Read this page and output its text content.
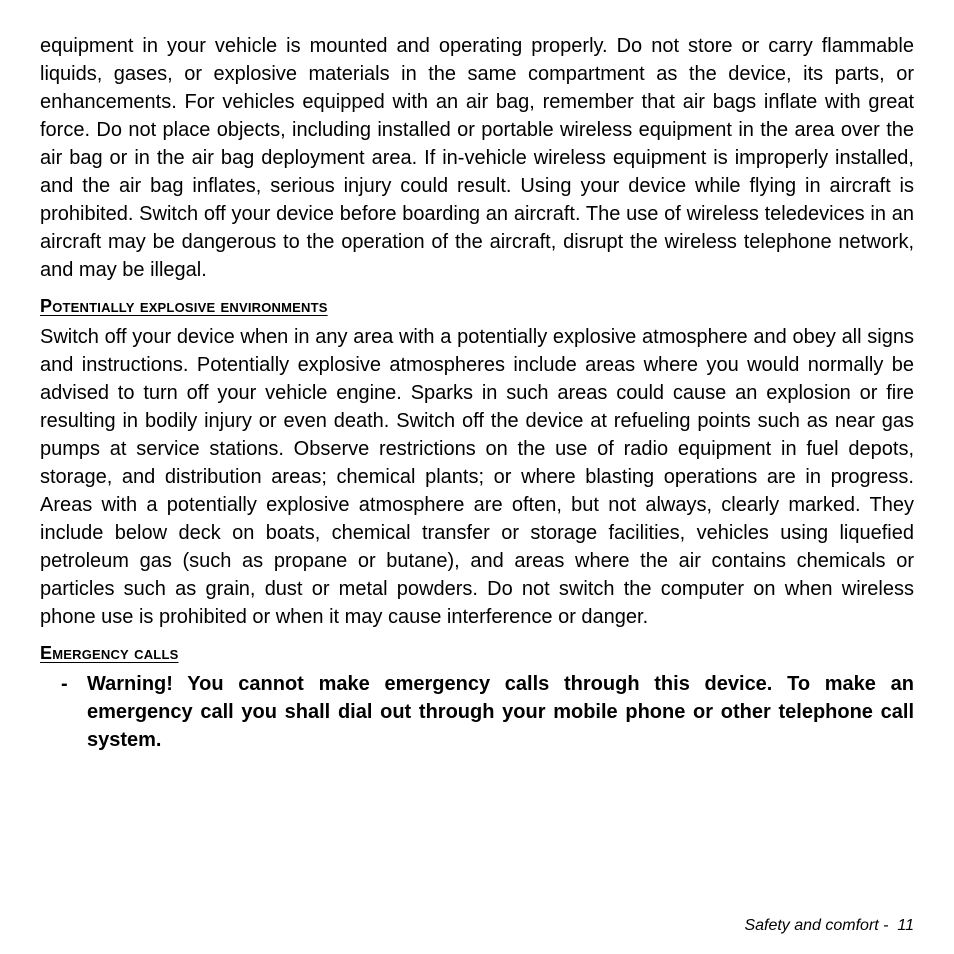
equipment in your vehicle is mounted and operating properly. Do not store or carry flammable liquids, gases, or explosive materials in the same compartment as the device, its parts, or enhancements. For vehicles equipped with an air bag, remember that air bags inflate with great force. Do not place objects, including installed or portable wireless equipment in the area over the air bag or in the air bag deployment area. If in-vehicle wireless equipment is improperly installed, and the air bag inflates, serious injury could result. Using your device while flying in aircraft is prohibited. Switch off your device before boarding an aircraft. The use of wireless teledevices in an aircraft may be dangerous to the operation of the aircraft, disrupt the wireless telephone network, and may be illegal.

Potentially explosive environments

Switch off your device when in any area with a potentially explosive atmosphere and obey all signs and instructions. Potentially explosive atmospheres include areas where you would normally be advised to turn off your vehicle engine. Sparks in such areas could cause an explosion or fire resulting in bodily injury or even death. Switch off the device at refueling points such as near gas pumps at service stations. Observe restrictions on the use of radio equipment in fuel depots, storage, and distribution areas; chemical plants; or where blasting operations are in progress. Areas with a potentially explosive atmosphere are often, but not always, clearly marked. They include below deck on boats, chemical transfer or storage facilities, vehicles using liquefied petroleum gas (such as propane or butane), and areas where the air contains chemicals or particles such as grain, dust or metal powders. Do not switch the computer on when wireless phone use is prohibited or when it may cause interference or danger.

Emergency calls
- Warning! You cannot make emergency calls through this device. To make an emergency call you shall dial out through your mobile phone or other telephone call system.
Safety and comfort -  11
